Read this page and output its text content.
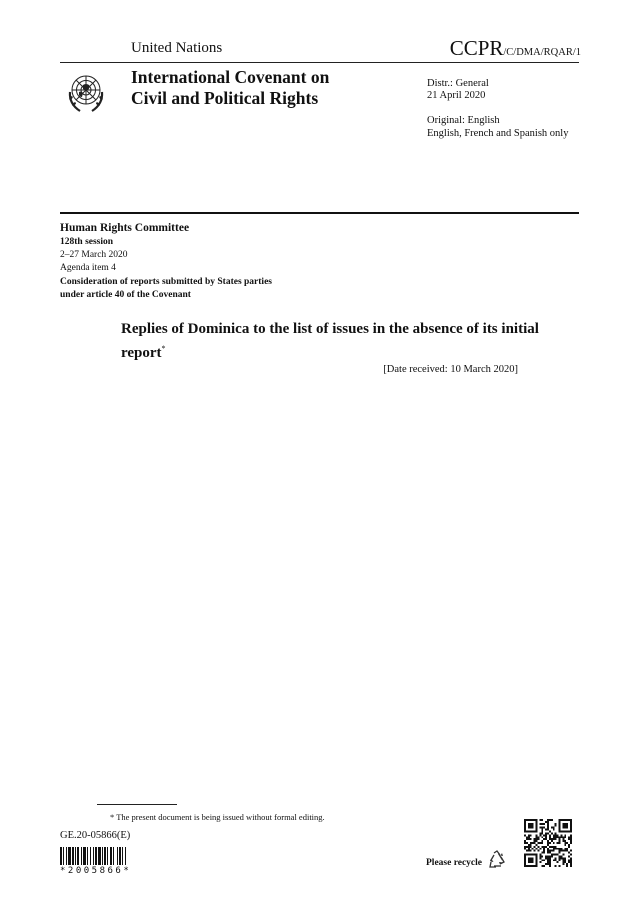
United Nations	CCPR/C/DMA/RQAR/1
International Covenant on
Civil and Political Rights
Distr.: General
21 April 2020
Original: English
English, French and Spanish only
Human Rights Committee
128th session
2–27 March 2020
Agenda item 4
Consideration of reports submitted by States parties
under article 40 of the Covenant
Replies of Dominica to the list of issues in the absence of its initial report*
[Date received: 10 March 2020]
* The present document is being issued without formal editing.
GE.20-05866(E)
*2005866*
Please recycle
